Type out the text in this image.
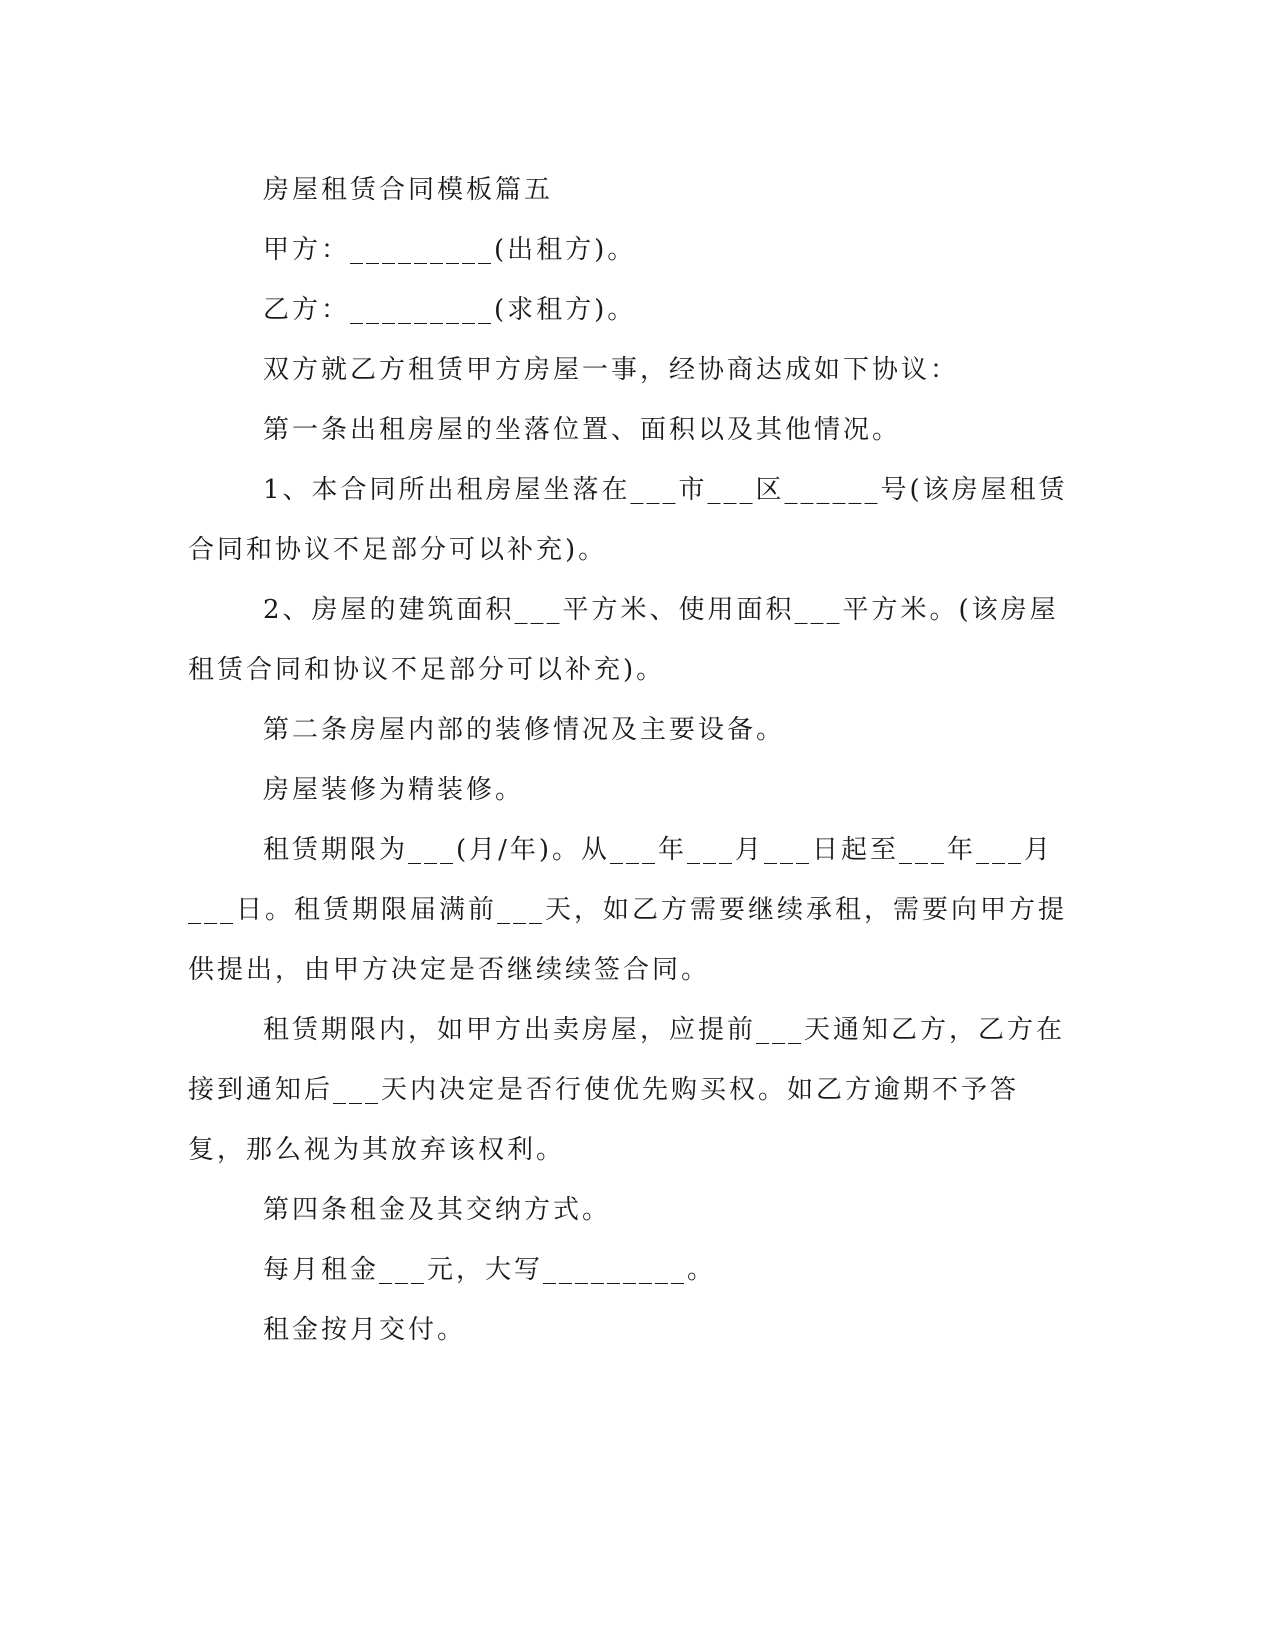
房屋租赁合同模板篇五

甲方：_________(出租方)。

乙方：_________(求租方)。

双方就乙方租赁甲方房屋一事，经协商达成如下协议：

第一条出租房屋的坐落位置、面积以及其他情况。

1、本合同所出租房屋坐落在___市___区______号(该房屋租赁合同和协议不足部分可以补充)。

2、房屋的建筑面积___平方米、使用面积___平方米。(该房屋租赁合同和协议不足部分可以补充)。

第二条房屋内部的装修情况及主要设备。

房屋装修为精装修。

租赁期限为___(月/年)。从___年___月___日起至___年___月___日。租赁期限届满前___天，如乙方需要继续承租，需要向甲方提供提出，由甲方决定是否继续续签合同。

租赁期限内，如甲方出卖房屋，应提前___天通知乙方，乙方在接到通知后___天内决定是否行使优先购买权。如乙方逾期不予答复，那么视为其放弃该权利。

第四条租金及其交纳方式。

每月租金___元，大写_________。

租金按月交付。
